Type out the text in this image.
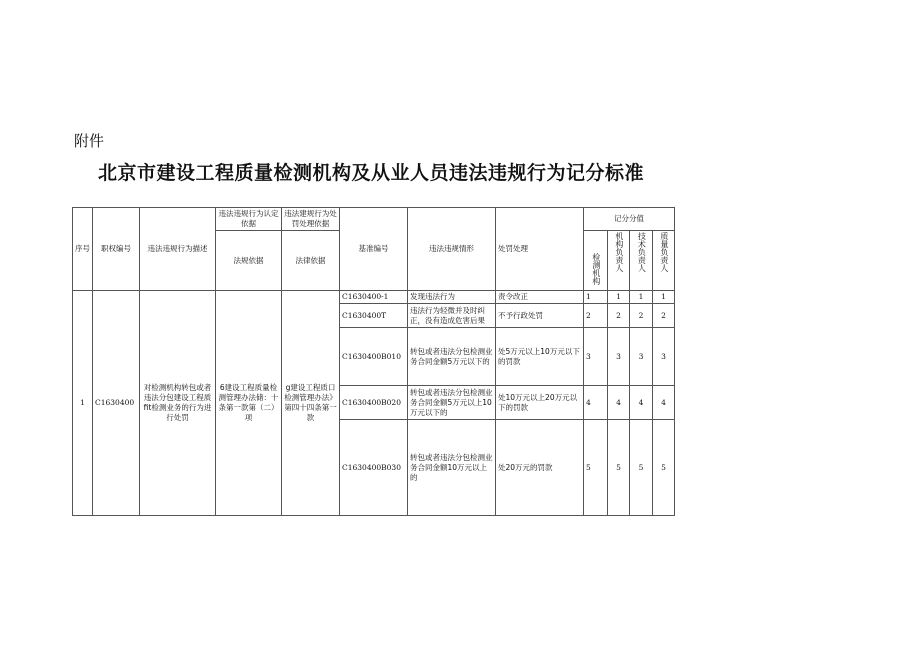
附件
北京市建设工程质量检测机构及从业人员违法违规行为记分标准
序号	职权编号	违法违规行为描述	违法违规行为认定依据	违法建规行为处罚处理依据	基准编号	违法违规情形	处罚处理	记分分值			
			法规依据	法律依据				检测机构	机构负责人	技术负责人	质量负责人
1	C1630400	对检测机构转包或者违法分包建设工程质fit检测业务的行为进行处罚	6建设工程质量检测管理办法储：十条第一款第（二）项	g建设工程质口检测管理办法》第四十四条第一款	C1630400-1	发现违法行为	责令改正	1	1	1	1
					C1630400T	违法行为轻微并及时纠正，没有造成危害后果	不予行政处罚	2	2	2	2
					C1630400B010	转包或者违法分包检测业务合同金额5万元以下的	处5万元以上10万元以下的罚款	3	3	3	3
					C1630400B020	转包或者违法分包检测业务合同金额5万元以上10万元以下的	处10万元以上20万元以下的罚款	4	4	4	4
					C1630400B030	转包或者违法分包检测业务合同金额10万元以上的	处20万元的罚款	5	5	5	5
